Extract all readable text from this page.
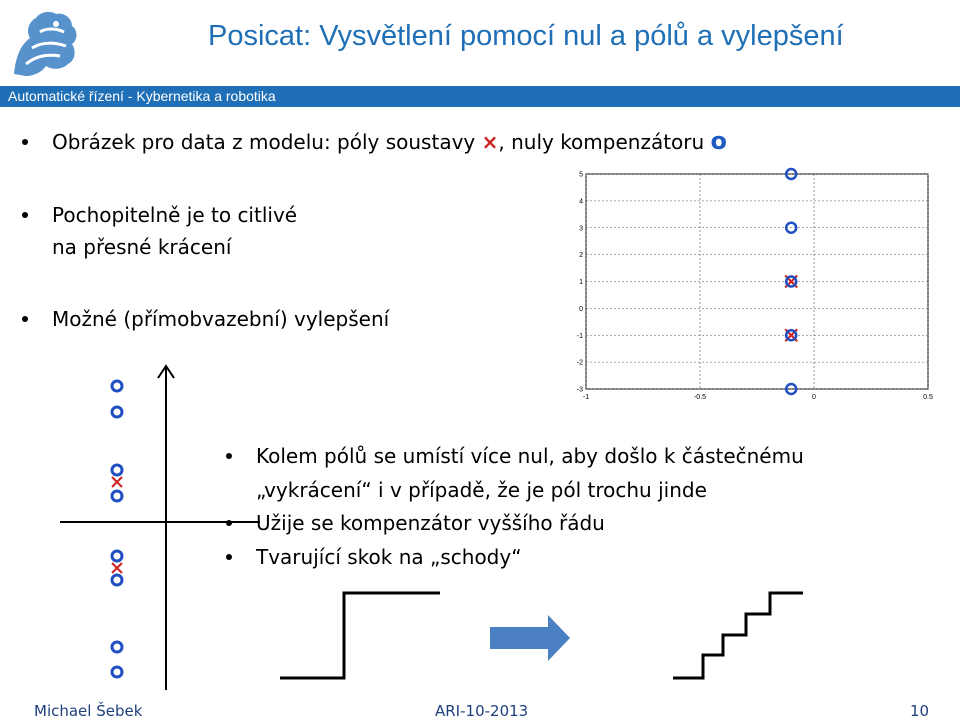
Posicat: Vysvětlení pomocí nul a pólů a vylepšení
Automatické řízení - Kybernetika a robotika
Obrázek pro data z modelu: póly soustavy ×, nuly kompenzátoru o
Pochopitelně je to citlivé
na přesné krácení
Možné (přímobvazební) vylepšení
-1	-0.5	0	0.5
5
4
3
2
1
0
-1
-2
-3
Kolem pólů se umístí více nul, aby došlo k částečnému
„vykrácení“ i v případě, že je pól trochu jinde
Užije se kompenzátor vyššího řádu
Tvarující skok na „schody“
Michael Šebek	ARI-10-2013	10
